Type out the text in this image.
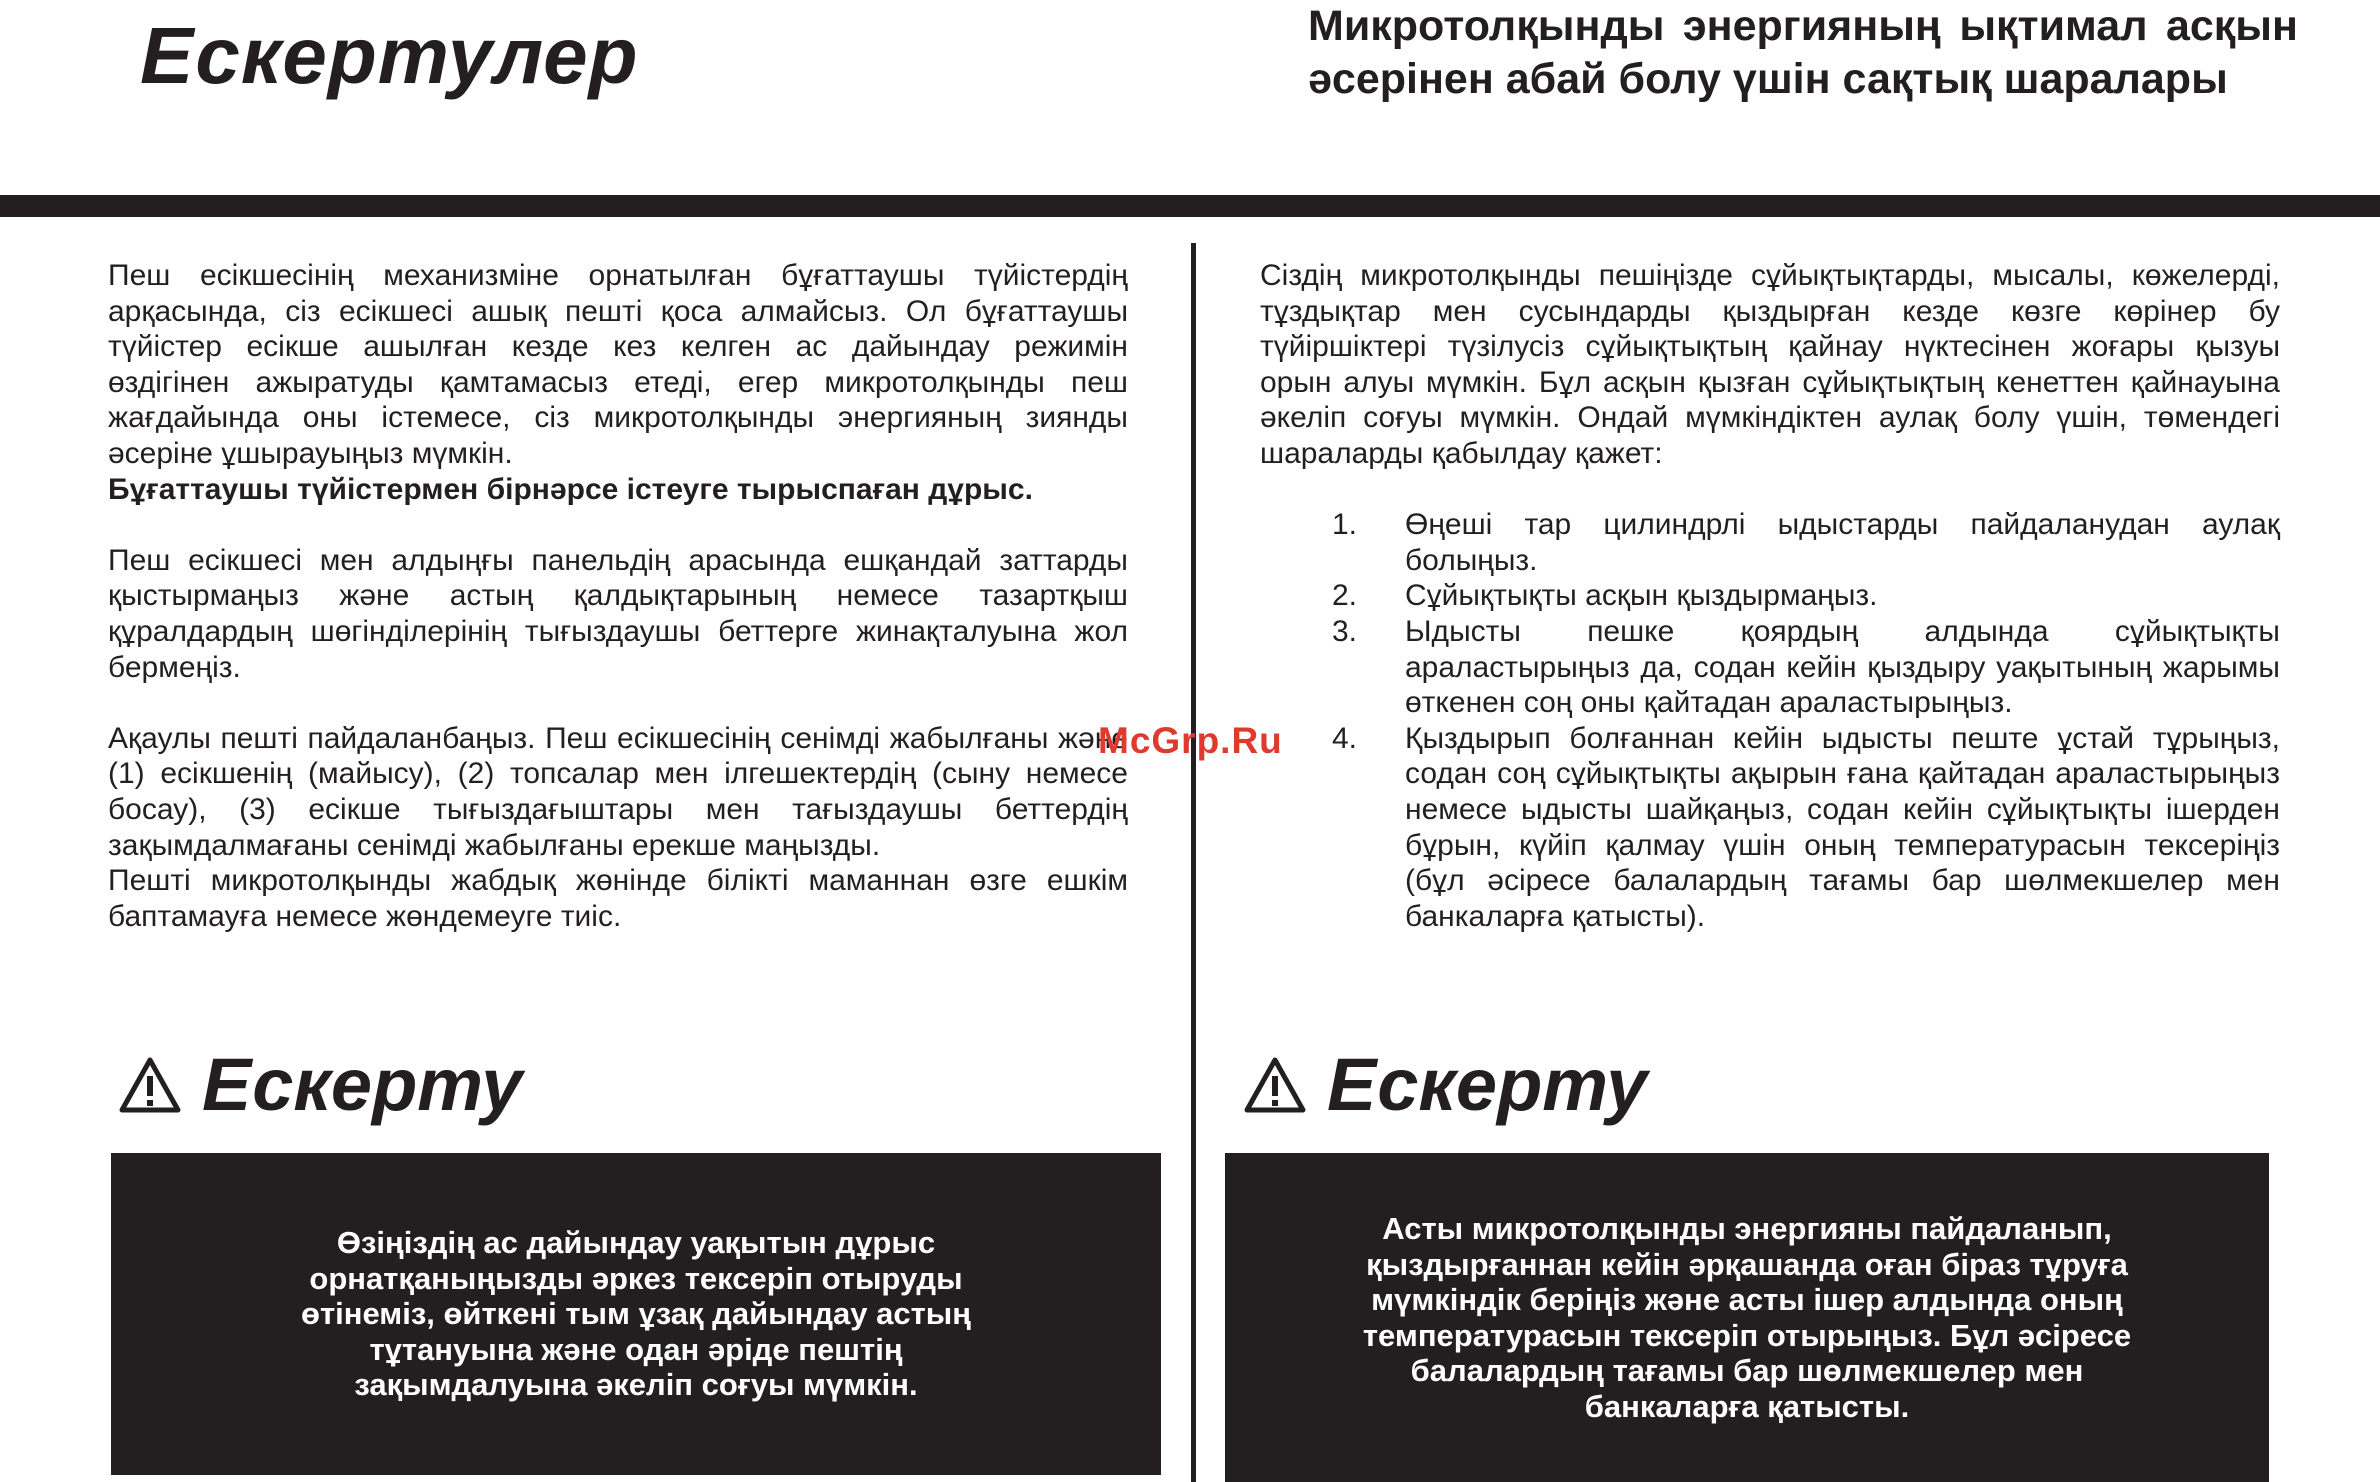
Ескертулер	Микротолқынды энергияның ықтимал асқын әсерінен абай болу үшін сақтық шаралары

Пеш есікшесінің механизміне орнатылған бұғаттаушы түйістердің арқасында, сіз есікшесі ашық пешті қоса алмайсыз. Ол бұғаттаушы түйістер есікше ашылған кезде кез келген ас дайындау режимін өздігінен ажыратуды қамтамасыз етеді, егер микротолқынды пеш жағдайында оны істемесе, сіз микротолқынды энергияның зиянды әсеріне ұшырауыңыз мүмкін.

Бұғаттаушы түйістермен бірнәрсе істеуге тырыспаған дұрыс.

Пеш есікшесі мен алдыңғы панельдің арасында ешқандай заттарды қыстырмаңыз және астың қалдықтарының немесе тазартқыш құралдардың шөгінділерінің тығыздаушы беттерге жинақталуына жол бермеңіз.

Ақаулы пешті пайдаланбаңыз. Пеш есікшесінің сенімді жабылғаны және (1) есікшенің (майысу), (2) топсалар мен ілгешектердің (сыну немесе босау), (3) есікше тығыздағыштары мен тағыздаушы беттердің зақымдалмағаны сенімді жабылғаны ерекше маңызды.

Пешті микротолқынды жабдық жөнінде білікті маманнан өзге ешкім баптамауға немесе жөндемеуге тиіс.

Сіздің микротолқынды пешіңізде сұйықтықтарды, мысалы, көжелерді, тұздықтар мен сусындарды қыздырған кезде көзге көрінер бу түйіршіктері түзілусіз сұйықтықтың қайнау нүктесінен жоғары қызуы орын алуы мүмкін. Бұл асқын қызған сұйықтықтың кенеттен қайнауына әкеліп соғуы мүмкін. Ондай мүмкіндіктен аулақ болу үшін, төмендегі шараларды қабылдау қажет:

1. Өңеші тар цилиндрлі ыдыстарды пайдаланудан аулақ болыңыз.
2. Сұйықтықты асқын қыздырмаңыз.
3. Ыдысты пешке қоярдың алдында сұйықтықты араластырыңыз да, содан кейін қыздыру уақытының жарымы өткенен соң оны қайтадан араластырыңыз.
4. Қыздырып болғаннан кейін ыдысты пеште ұстай тұрыңыз, содан соң сұйықтықты ақырын ғана қайтадан араластырыңыз немесе ыдысты шайқаңыз, содан кейін сұйықтықты ішерден бұрын, күйіп қалмау үшін оның температурасын тексеріңіз (бұл әсіресе балалардың тағамы бар шөлмекшелер мен банкаларға қатысты).
Ескерту	Ескерту
Өзіңіздің ас дайындау уақытын дұрыс
орнатқаныңызды әркез тексеріп отыруды
өтінеміз, өйткені тым ұзақ дайындау астың
тұтануына және одан әріде пештің
зақымдалуына әкеліп соғуы мүмкін.
Асты микротолқынды энергияны пайдаланып,
қыздырғаннан кейін әрқашанда оған біраз тұруға
мүмкіндік беріңіз және асты ішер алдында оның
температурасын тексеріп отырыңыз. Бұл әсіресе
балалардың тағамы бар шөлмекшелер мен
банкаларға қатысты.
McGrp.Ru
